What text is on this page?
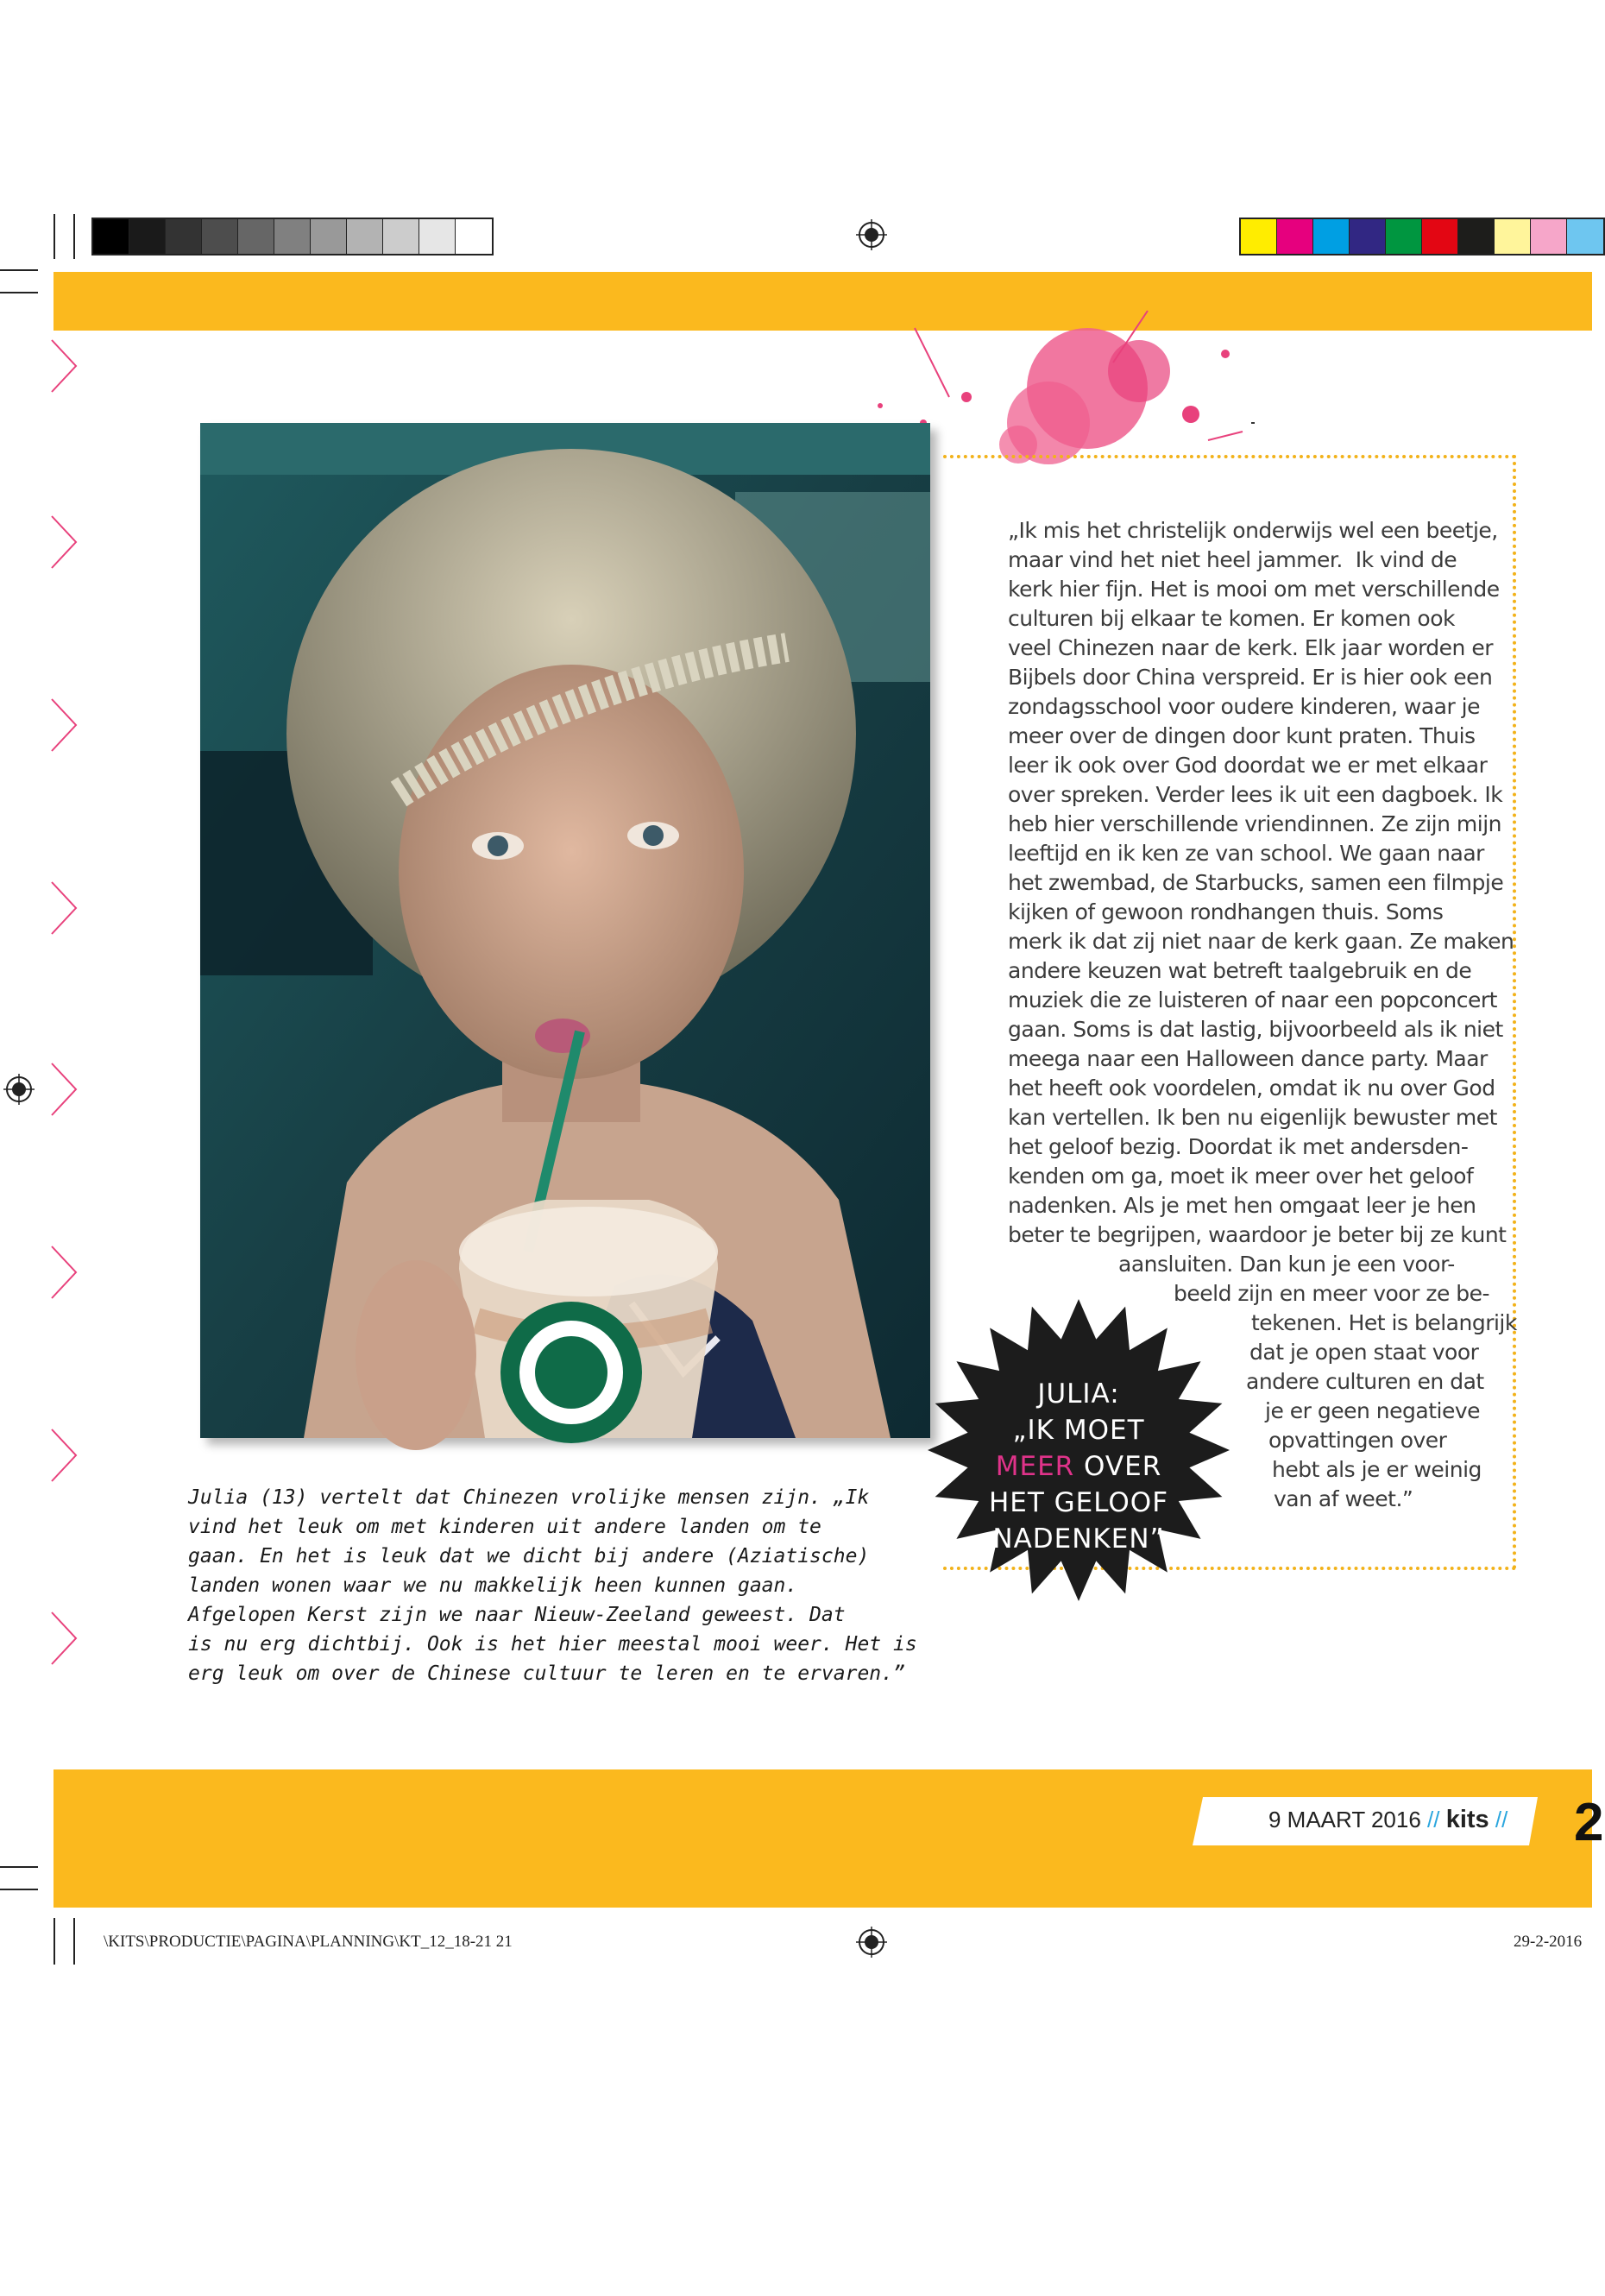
„Ik mis het christelijk onderwijs wel een beetje,
maar vind het niet heel jammer.  Ik vind de
kerk hier fijn. Het is mooi om met verschillende
culturen bij elkaar te komen. Er komen ook
veel Chinezen naar de kerk. Elk jaar worden er
Bijbels door China verspreid. Er is hier ook een
zondagsschool voor oudere kinderen, waar je
meer over de dingen door kunt praten. Thuis
leer ik ook over God doordat we er met elkaar
over spreken. Verder lees ik uit een dagboek. Ik
heb hier verschillende vriendinnen. Ze zijn mijn
leeftijd en ik ken ze van school. We gaan naar
het zwembad, de Starbucks, samen een filmpje
kijken of gewoon rondhangen thuis. Soms
merk ik dat zij niet naar de kerk gaan. Ze maken
andere keuzen wat betreft taalgebruik en de
muziek die ze luisteren of naar een popconcert
gaan. Soms is dat lastig, bijvoorbeeld als ik niet
meega naar een Halloween dance party. Maar
het heeft ook voordelen, omdat ik nu over God
kan vertellen. Ik ben nu eigenlijk bewuster met
het geloof bezig. Doordat ik met andersden-
kenden om ga, moet ik meer over het geloof
nadenken. Als je met hen omgaat leer je hen
beter te begrijpen, waardoor je beter bij ze kunt
aansluiten. Dan kun je een voor-
beeld zijn en meer voor ze be-
tekenen. Het is belangrijk
dat je open staat voor
andere culturen en dat
je er geen negatieve
opvattingen over
hebt als je er weinig
van af weet.”
Julia (13) vertelt dat Chinezen vrolijke mensen zijn. „Ik
vind het leuk om met kinderen uit andere landen om te
gaan. En het is leuk dat we dicht bij andere (Aziatische)
landen wonen waar we nu makkelijk heen kunnen gaan.
Afgelopen Kerst zijn we naar Nieuw-Zeeland geweest. Dat
is nu erg dichtbij. Ook is het hier meestal mooi weer. Het is
erg leuk om over de Chinese cultuur te leren en te ervaren.”
JULIA:
„IK MOET
MEER OVER
HET GELOOF
NADENKEN”
9 MAART 2016 // kits // 2
\KITS\PRODUCTIE\PAGINA\PLANNING\KT_12_18-21 21	29-2-2016
